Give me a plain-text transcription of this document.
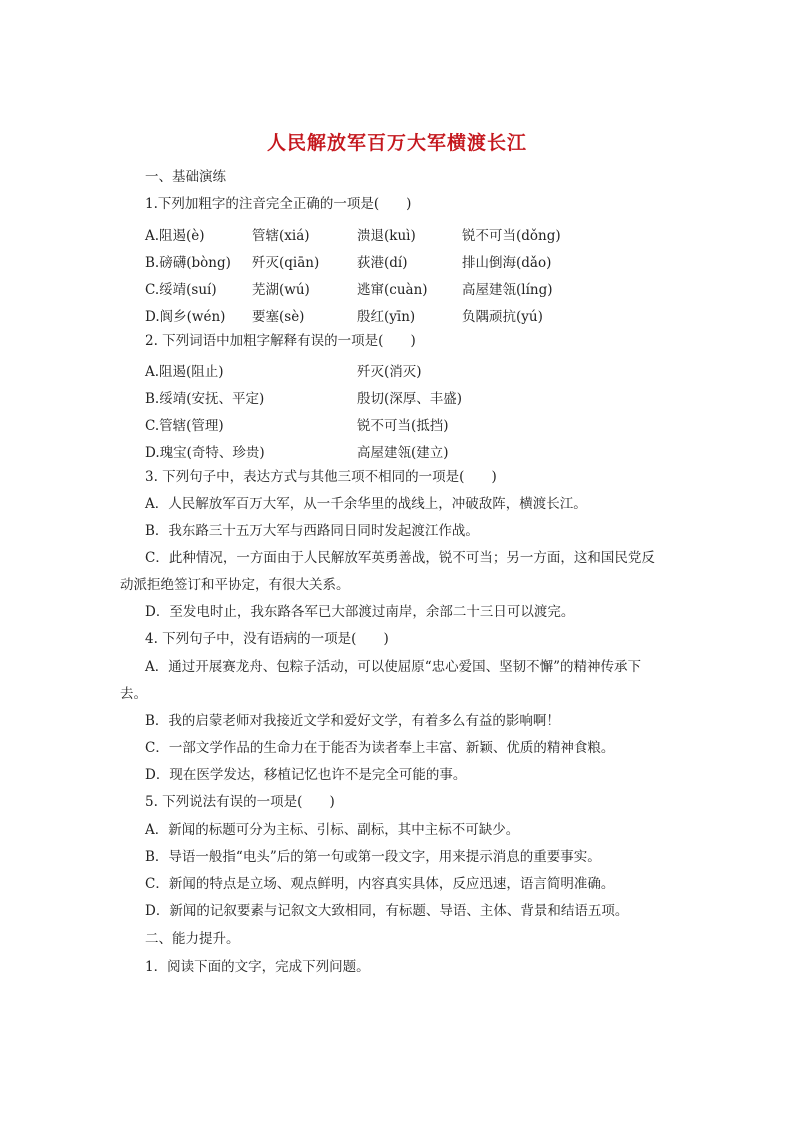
人民解放军百万大军横渡长江
一、基础演练
1.下列加粗字的注音完全正确的一项是(　　)
A.阻遏(è)	管辖(xiá)	溃退(kuì)	锐不可当(dǒng)
B.磅礴(bòng) 歼灭(qiān)	荻港(dí)	排山倒海(dǎo)
C.绥靖(suí)	芜湖(wú)	逃窜(cuàn)	高屋建瓴(líng)
D.阆乡(wén) 要塞(sè)	殷红(yīn)	负隅顽抗(yú)
2. 下列词语中加粗字解释有误的一项是(　　)
A.阻遏(阻止)	歼灭(消灭)
B.绥靖(安抚、平定)	殷切(深厚、丰盛)
C.管辖(管理)	锐不可当(抵挡)
D.瑰宝(奇特、珍贵)	高屋建瓴(建立)
3. 下列句子中，表达方式与其他三项不相同的一项是(　　)
A．人民解放军百万大军，从一千余华里的战线上，冲破敌阵，横渡长江。
B．我东路三十五万大军与西路同日同时发起渡江作战。
C．此种情况，一方面由于人民解放军英勇善战，锐不可当；另一方面，这和国民党反
动派拒绝签订和平协定，有很大关系。
D．至发电时止，我东路各军已大部渡过南岸，余部二十三日可以渡完。
4. 下列句子中，没有语病的一项是(　　)
A．通过开展赛龙舟、包粽子活动，可以使屈原“忠心爱国、坚韧不懈”的精神传承下
去。
B．我的启蒙老师对我接近文学和爱好文学，有着多么有益的影响啊！
C．一部文学作品的生命力在于能否为读者奉上丰富、新颖、优质的精神食粮。
D．现在医学发达，移植记忆也许不是完全可能的事。
5. 下列说法有误的一项是(　　)
A．新闻的标题可分为主标、引标、副标，其中主标不可缺少。
B．导语一般指“电头”后的第一句或第一段文字，用来提示消息的重要事实。
C．新闻的特点是立场、观点鲜明，内容真实具体，反应迅速，语言简明准确。
D．新闻的记叙要素与记叙文大致相同，有标题、导语、主体、背景和结语五项。
二、能力提升。
1．阅读下面的文字，完成下列问题。
